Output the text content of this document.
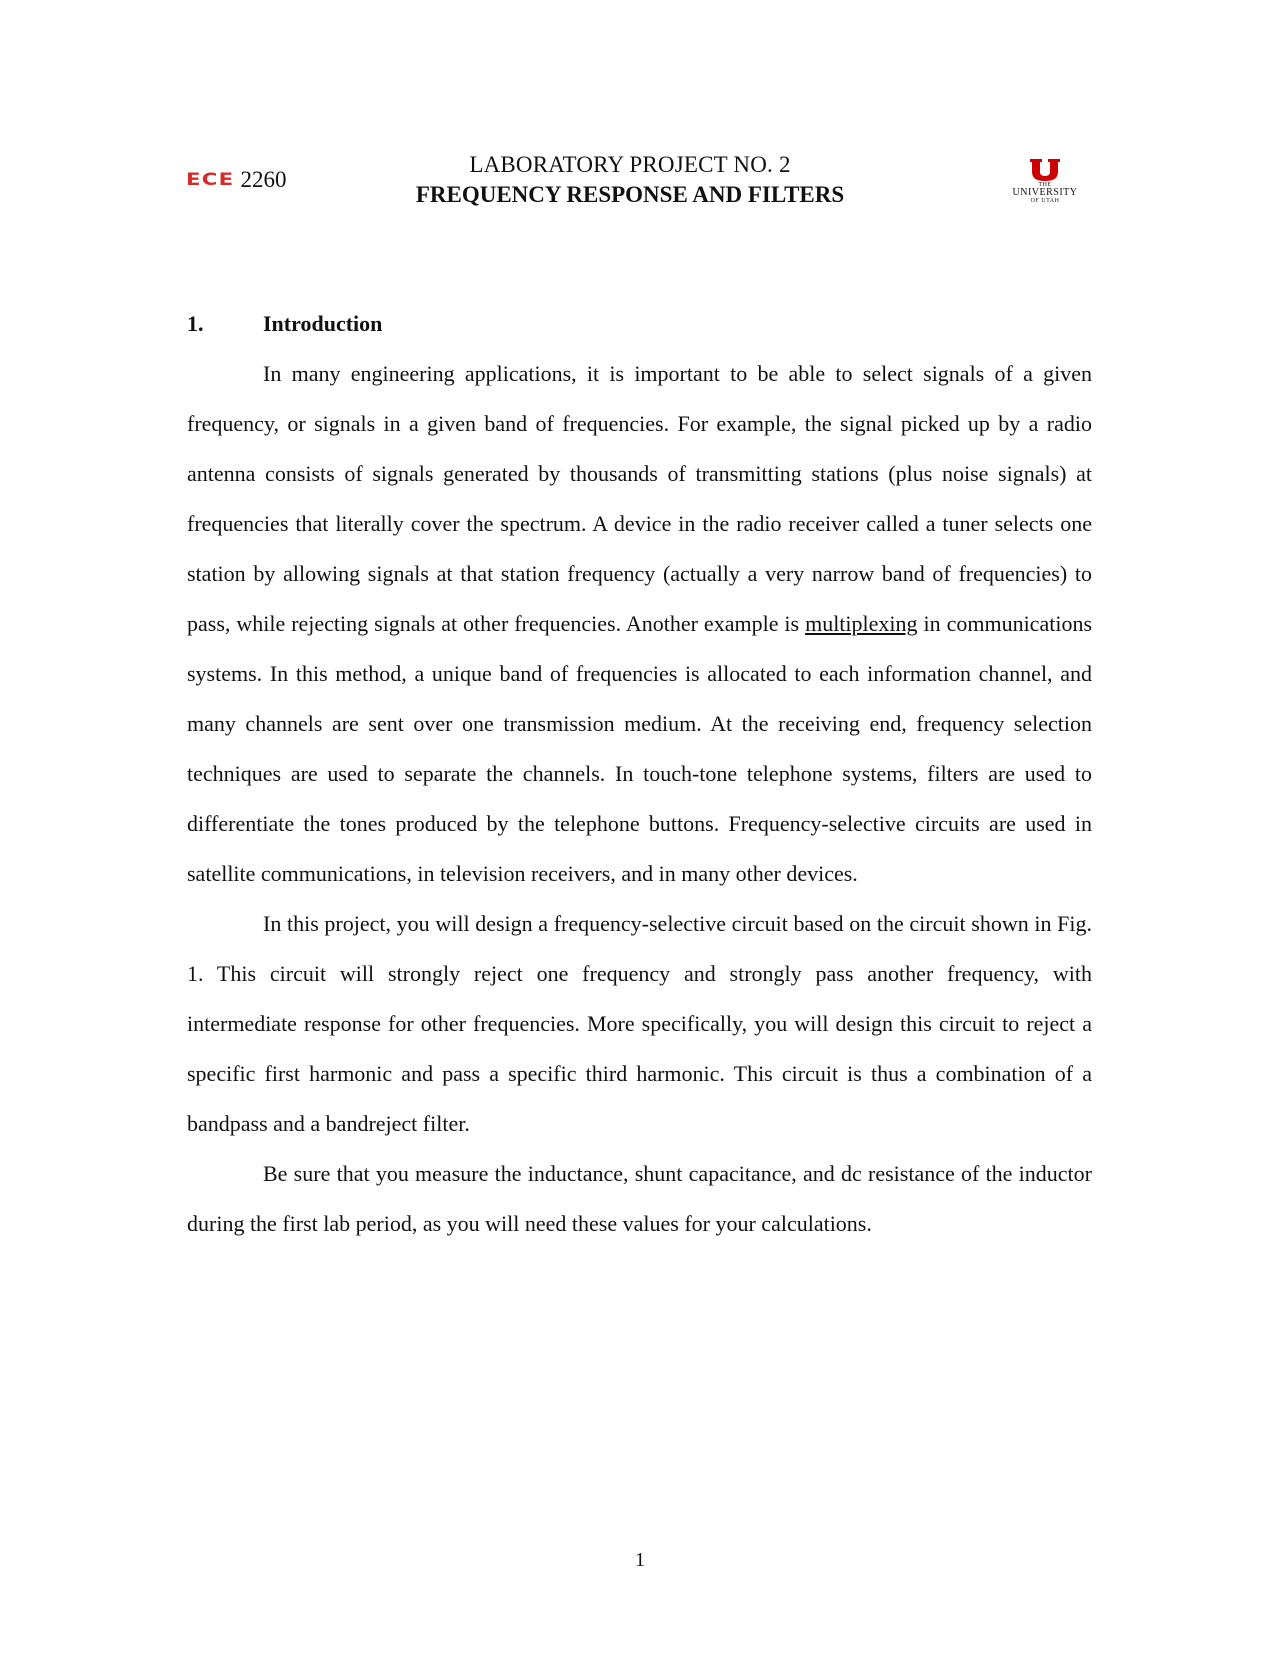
ECE 2260
LABORATORY PROJECT NO. 2
FREQUENCY RESPONSE AND FILTERS	THE
UNIVERSITY
OF UTAH
1.	Introduction

In many engineering applications, it is important to be able to select signals of a given frequency, or signals in a given band of frequencies. For example, the signal picked up by a radio antenna consists of signals generated by thousands of transmitting stations (plus noise signals) at frequencies that literally cover the spectrum. A device in the radio receiver called a tuner selects one station by allowing signals at that station frequency (actually a very narrow band of frequencies) to pass, while rejecting signals at other frequencies. Another example is multiplexing in communications systems. In this method, a unique band of frequencies is allocated to each information channel, and many channels are sent over one transmission medium. At the receiving end, frequency selection techniques are used to separate the channels. In touch-tone telephone systems, filters are used to differentiate the tones produced by the telephone buttons. Frequency-selective circuits are used in satellite communications, in television receivers, and in many other devices.

In this project, you will design a frequency-selective circuit based on the circuit shown in Fig. 1. This circuit will strongly reject one frequency and strongly pass another frequency, with intermediate response for other frequencies. More specifically, you will design this circuit to reject a specific first harmonic and pass a specific third harmonic. This circuit is thus a combination of a bandpass and a bandreject filter.

Be sure that you measure the inductance, shunt capacitance, and dc resistance of the inductor during the first lab period, as you will need these values for your calculations.

1
